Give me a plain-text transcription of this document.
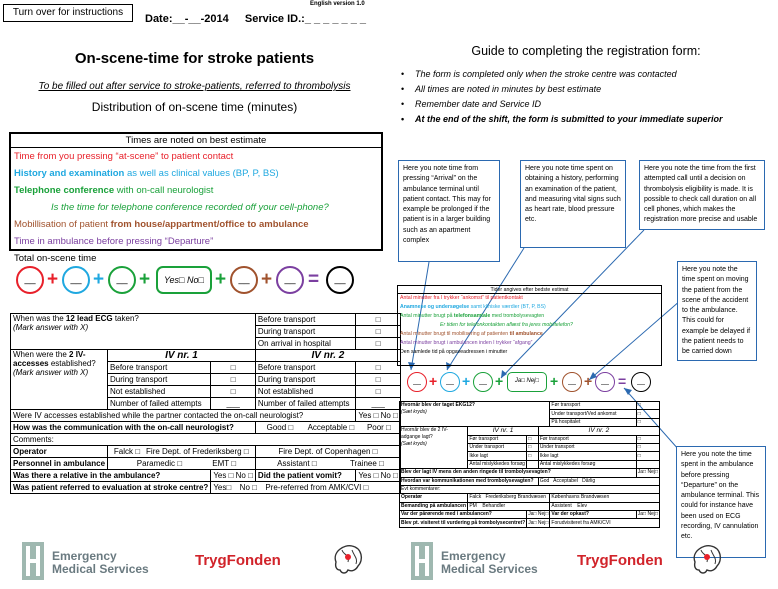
Turn over for instructions
English version 1.0
Date:__-__-2014 Service ID.:_ _ _ _ _ _ _
On-scene-time for stroke patients
To be filled out after service to stroke-patients, referred to thrombolysis
Distribution of on-scene time (minutes)
Times are noted on best estimate
Time from you pressing “at-scene” to patient contact
History and examination as well as clinical values (BP, P, BS)
Telephone conference with on-call neurologist
Is the time for telephone conference recorded off your cell-phone?
Mobillisation of patient from house/appartment/office to ambulance
Time in ambulance before pressing “Departure”
Total on-scene time
__ +	__ +	__ +	Yes□ No□ +	__ +	__ =	__
When was the 12 lead ECG taken?
(Mark answer with X)			Before transport	□
			During transport	□
			On arrival in hospital	□
When were the 2 IV-
accesses established?
(Mark answer with X)	IV nr. 1		IV nr. 2	
	Before transport	□	Before transport	□
	During transport	□	During transport	□
	Not established	□	Not established	□
	Number of failed attempts	___	Number of failed attempts	___
Were IV accesses established while the partner contacted the on-call neurologist?				Yes □ No □
How was the communication with the on-call neurologist?			Good □ Acceptable □ Poor □	
Comments:				
Operator	Falck □ Fire Dept. of Frederiksberg □		Fire Dept. of Copenhagen □	
Personnel in ambulance	Paramedic □ EMT □		Assistant □ Trainee □	
Was there a relative in the ambulance?		Yes □ No □	Did the patient vomit?	Yes □ No □
Was patient referred to evaluation at stroke centre?		Yes□ No □ Pre-referred from AMK/CVI □		
Emergency
Medical Services	TrygFonden
Guide to completing the registration form:
• The form is completed only when the stroke centre was contacted
• All times are noted in minutes by best estimate
• Remember date and Service ID
• At the end of the shift, the form is submitted to your immediate superior
Here you note time from pressing “Arrival” on the ambulance terminal until patient contact. This may for example be prolonged if the patient is in a larger building such as an apartment complex
Here you note time spent on obtaining a history, performing an examination of the patient, and measuring vital signs such as heart rate, blood pressure etc.
Here you note the time from the first attempted call until a decision on thrombolysis eligibility is made. It is possible to check call duration on all cell phones, which makes the registration more precise and usable
Here you note the time spent on moving the patient from the scene of the accident to the ambulance. This could for example be delayed if the patient needs to be carried down
Here you note the time spent in the ambulance before pressing “Departure” on the ambulance terminal. This could for instance have been used on ECG recording, IV cannulation etc.
Tider angives efter bedste estimat
Antal minutter fra I trykker “ankomst” til patientkontakt
Anamnese og undersøgelse samt kliniske værdier (BT, P, BS)
Antal minutter brugt på telefonsamtale med trombolysevagten
Er tiden for telefonkontakten aflæst fra jeres mobiltelefon?
Antal minutter brugt til mobilisering af patienten til ambulance
Antal minutter brugt i ambulancen inden I trykker “afgang”
Den samlede tid på opgaveadressen i minutter
__ +	__ +	__ +	Ja□ Nej□ +	__ +	__ =	__
Hvornår blev der taget EKG12?
(Sæt kryds)				Før transport	□
				Under transport/Ved ankomst	□
				På hospitalet	□
Hvornår blev de 2 IV-adgange lagt?
(Sæt kryds)	IV nr. 1		IV nr. 2		
	Før transport	□	Før transport		□
	Under transport	□	Under transport		□
	Ikke lagt	□	Ikke lagt		□
	Antal mislykkedes forsøg		Antal mislykkedes forsøg		
Blev der lagt IV mens den anden ringede til trombolysevagten?					Ja□ Nej□
Hvordan var kommunikationen med trombolysevagten?			God Acceptabel Dårlig		
Evt kommentarer:					
Operatør	Falck Frederiksberg Brandvæsen			Københavns Brandvæsen	
Bemanding på ambulancen	PM Behandler			Assistent Elev	
Var der pårørende med i ambulancen?		Ja□ Nej□		Var der opkast?	Ja□ Nej□
Blev pt. visiteret til vurdering på trombolysecentret?		Ja□ Nej□		Forudvisiteret fra AMK/CVI	
Emergency
Medical Services	TrygFonden
